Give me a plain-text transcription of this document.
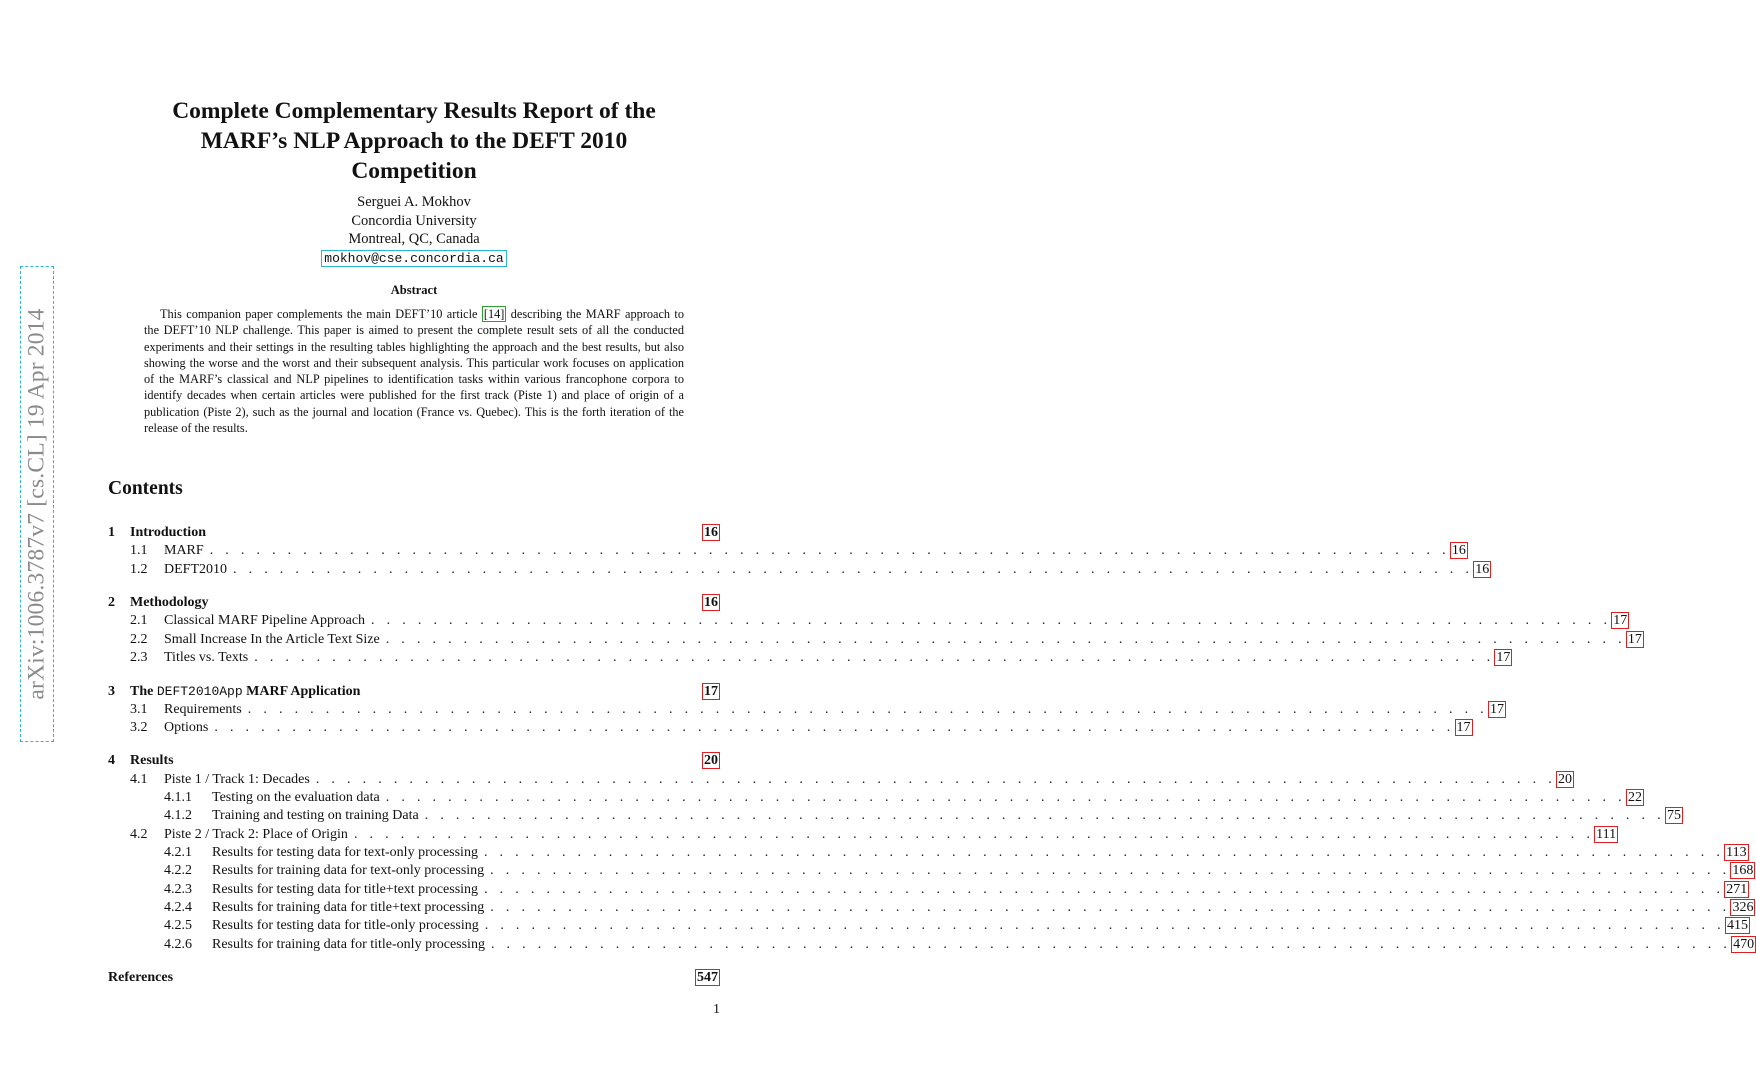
arXiv:1006.3787v7 [cs.CL] 19 Apr 2014
Complete Complementary Results Report of the
MARF’s NLP Approach to the DEFT 2010
Competition
Serguei A. Mokhov
Concordia University
Montreal, QC, Canada
mokhov@cse.concordia.ca
Abstract

This companion paper complements the main DEFT’10 article [14] describing the MARF approach to the DEFT’10 NLP challenge. This paper is aimed to present the complete result sets of all the conducted experiments and their settings in the resulting tables highlighting the approach and the best results, but also showing the worse and the worst and their subsequent analysis. This particular work focuses on application of the MARF’s classical and NLP pipelines to identification tasks within various francophone corpora to identify decades when certain articles were published for the first track (Piste 1) and place of origin of a publication (Piste 2), such as the journal and location (France vs. Quebec). This is the forth iteration of the release of the results.

Contents
1	Introduction	16
1.1	MARF . . . . . . . . . . . . . . . . . . . . . . . . . . . . . . . . . . . . . . . . . . . . . . . . . . . . . . . . . . . . . . . . . . . . . . . . . . . . . . . . 16
1.2	DEFT2010 . . . . . . . . . . . . . . . . . . . . . . . . . . . . . . . . . . . . . . . . . . . . . . . . . . . . . . . . . . . . . . . . . . . . . . . . . . . . . . . . 16
2	Methodology	16
2.1	Classical MARF Pipeline Approach . . . . . . . . . . . . . . . . . . . . . . . . . . . . . . . . . . . . . . . . . . . . . . . . . . . . . . . . . . . . . . . . . . . . . . . . . . . . . . . . 17
2.2	Small Increase In the Article Text Size . . . . . . . . . . . . . . . . . . . . . . . . . . . . . . . . . . . . . . . . . . . . . . . . . . . . . . . . . . . . . . . . . . . . . . . . . . . . . . . . 17
2.3	Titles vs. Texts . . . . . . . . . . . . . . . . . . . . . . . . . . . . . . . . . . . . . . . . . . . . . . . . . . . . . . . . . . . . . . . . . . . . . . . . . . . . . . . . 17
3	The DEFT2010App MARF Application	17
3.1	Requirements . . . . . . . . . . . . . . . . . . . . . . . . . . . . . . . . . . . . . . . . . . . . . . . . . . . . . . . . . . . . . . . . . . . . . . . . . . . . . . . . 17
3.2	Options . . . . . . . . . . . . . . . . . . . . . . . . . . . . . . . . . . . . . . . . . . . . . . . . . . . . . . . . . . . . . . . . . . . . . . . . . . . . . . . . 17
4	Results	20
4.1	Piste 1 / Track 1: Decades . . . . . . . . . . . . . . . . . . . . . . . . . . . . . . . . . . . . . . . . . . . . . . . . . . . . . . . . . . . . . . . . . . . . . . . . . . . . . . . . 20
4.1.1	Testing on the evaluation data . . . . . . . . . . . . . . . . . . . . . . . . . . . . . . . . . . . . . . . . . . . . . . . . . . . . . . . . . . . . . . . . . . . . . . . . . . . . . . . . 22
4.1.2	Training and testing on training Data . . . . . . . . . . . . . . . . . . . . . . . . . . . . . . . . . . . . . . . . . . . . . . . . . . . . . . . . . . . . . . . . . . . . . . . . . . . . . . . . 75
4.2	Piste 2 / Track 2: Place of Origin . . . . . . . . . . . . . . . . . . . . . . . . . . . . . . . . . . . . . . . . . . . . . . . . . . . . . . . . . . . . . . . . . . . . . . . . . . . . . . . . 111
4.2.1	Results for testing data for text-only processing . . . . . . . . . . . . . . . . . . . . . . . . . . . . . . . . . . . . . . . . . . . . . . . . . . . . . . . . . . . . . . . . . . . . . . . . . . . . . . . . 113
4.2.2	Results for training data for text-only processing . . . . . . . . . . . . . . . . . . . . . . . . . . . . . . . . . . . . . . . . . . . . . . . . . . . . . . . . . . . . . . . . . . . . . . . . . . . . . . . . 168
4.2.3	Results for testing data for title+text processing . . . . . . . . . . . . . . . . . . . . . . . . . . . . . . . . . . . . . . . . . . . . . . . . . . . . . . . . . . . . . . . . . . . . . . . . . . . . . . . . 271
4.2.4	Results for training data for title+text processing . . . . . . . . . . . . . . . . . . . . . . . . . . . . . . . . . . . . . . . . . . . . . . . . . . . . . . . . . . . . . . . . . . . . . . . . . . . . . . . . 326
4.2.5	Results for testing data for title-only processing . . . . . . . . . . . . . . . . . . . . . . . . . . . . . . . . . . . . . . . . . . . . . . . . . . . . . . . . . . . . . . . . . . . . . . . . . . . . . . . . 415
4.2.6	Results for training data for title-only processing . . . . . . . . . . . . . . . . . . . . . . . . . . . . . . . . . . . . . . . . . . . . . . . . . . . . . . . . . . . . . . . . . . . . . . . . . . . . . . . . 470
References	547
1
